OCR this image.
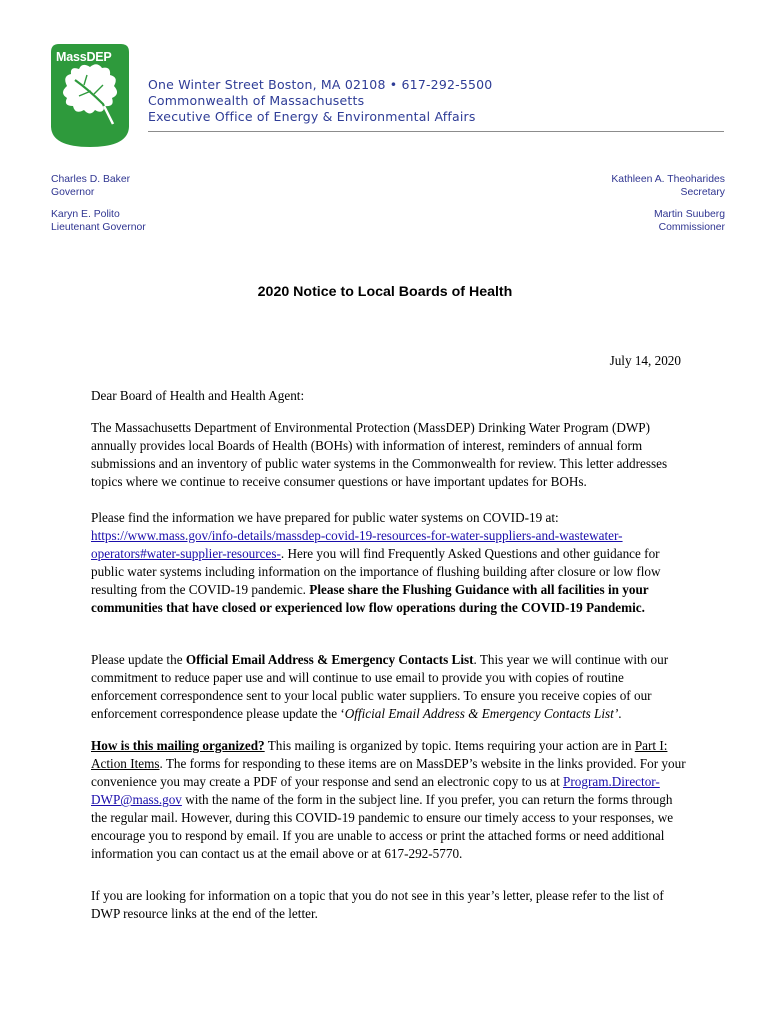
MassDEP
One Winter Street Boston, MA 02108 • 617-292-5500
Commonwealth of Massachusetts
Executive Office of Energy & Environmental Affairs
Charles D. Baker
Governor
Karyn E. Polito
Lieutenant Governor
Kathleen A. Theoharides
Secretary
Martin Suuberg
Commissioner
2020 Notice to Local Boards of Health
July 14, 2020
Dear Board of Health and Health Agent:
The Massachusetts Department of Environmental Protection (MassDEP) Drinking Water Program (DWP) annually provides local Boards of Health (BOHs) with information of interest, reminders of annual form submissions and an inventory of public water systems in the Commonwealth for review. This letter addresses topics where we continue to receive consumer questions or have important updates for BOHs.
Please find the information we have prepared for public water systems on COVID-19 at: https://www.mass.gov/info-details/massdep-covid-19-resources-for-water-suppliers-and-wastewater-operators#water-supplier-resources-. Here you will find Frequently Asked Questions and other guidance for public water systems including information on the importance of flushing building after closure or low flow resulting from the COVID-19 pandemic. Please share the Flushing Guidance with all facilities in your communities that have closed or experienced low flow operations during the COVID-19 Pandemic.
Please update the Official Email Address & Emergency Contacts List. This year we will continue with our commitment to reduce paper use and will continue to use email to provide you with copies of routine enforcement correspondence sent to your local public water suppliers. To ensure you receive copies of our enforcement correspondence please update the ‘Official Email Address & Emergency Contacts List’.
How is this mailing organized? This mailing is organized by topic. Items requiring your action are in Part I: Action Items. The forms for responding to these items are on MassDEP’s website in the links provided. For your convenience you may create a PDF of your response and send an electronic copy to us at Program.Director-DWP@mass.gov with the name of the form in the subject line. If you prefer, you can return the forms through the regular mail. However, during this COVID-19 pandemic to ensure our timely access to your responses, we encourage you to respond by email. If you are unable to access or print the attached forms or need additional information you can contact us at the email above or at 617-292-5770.
If you are looking for information on a topic that you do not see in this year’s letter, please refer to the list of DWP resource links at the end of the letter.
